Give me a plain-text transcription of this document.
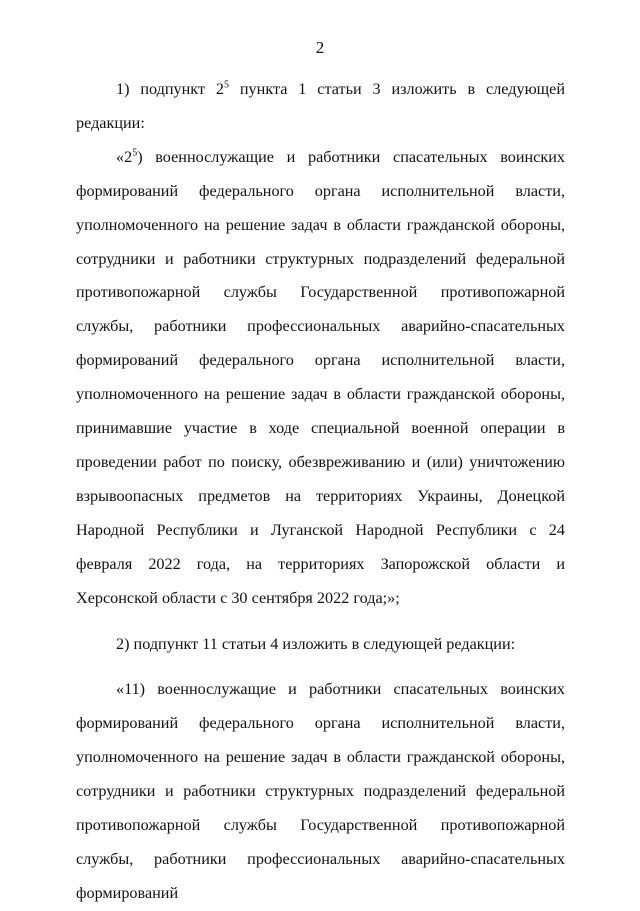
2

1) подпункт $2^5$ пункта 1 статьи 3 изложить в следующей редакции:

«$2^5$) военнослужащие и работники спасательных воинских формирований федерального органа исполнительной власти, уполномоченного на решение задач в области гражданской обороны, сотрудники и работники структурных подразделений федеральной противопожарной службы Государственной противопожарной службы, работники профессиональных аварийно-спасательных формирований федерального органа исполнительной власти, уполномоченного на решение задач в области гражданской обороны, принимавшие участие в ходе специальной военной операции в проведении работ по поиску, обезвреживанию и (или) уничтожению взрывоопасных предметов на территориях Украины, Донецкой Народной Республики и Луганской Народной Республики с 24 февраля 2022 года, на территориях Запорожской области и Херсонской области с 30 сентября 2022 года;»;

2) подпункт 11 статьи 4 изложить в следующей редакции:

«11) военнослужащие и работники спасательных воинских формирований федерального органа исполнительной власти, уполномоченного на решение задач в области гражданской обороны, сотрудники и работники структурных подразделений федеральной противопожарной службы Государственной противопожарной службы, работники профессиональных аварийно-спасательных формирований
